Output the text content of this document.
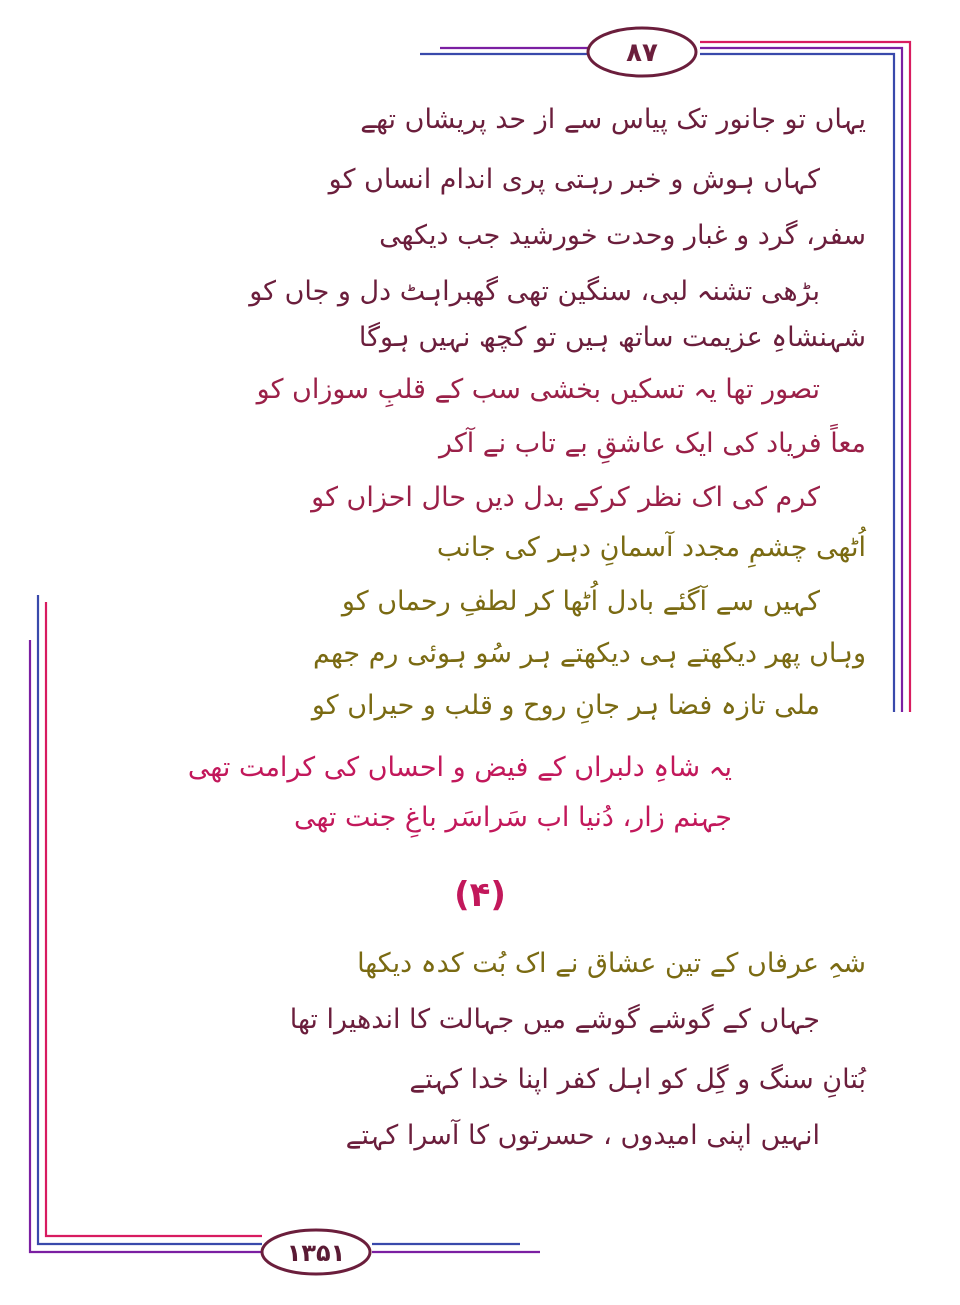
٨٧
۱۳۵۱
یہاں تو جانور تک پیاس سے از حد پریشاں تھے
کہاں ہوش و خبر رہتی پری اندام انساں کو
سفر، گرد و غبار وحدت خورشید جب دیکھی
بڑھی تشنہ لبی، سنگین تھی گھبراہٹ دل و جاں کو
شہنشاہِ عزیمت ساتھ ہیں تو کچھ نہیں ہوگا
تصور تھا یہ تسکیں بخشی سب کے قلبِ سوزاں کو
معاً فریاد کی ایک عاشقِ بے تاب نے آکر
کرم کی اک نظر کرکے بدل دیں حال احزاں کو
اُٹھی چشمِ مجدد آسمانِ دہر کی جانب
کہیں سے آگئے بادل اُٹھا کر لطفِ رحماں کو
وہاں پھر دیکھتے ہی دیکھتے ہر سُو ہوئی رم جھم
ملی تازہ فضا ہر جانِ روح و قلب و حیراں کو
یہ شاہِ دلبراں کے فیض و احساں کی کرامت تھی
جہنم زار، دُنیا اب سَراسَر باغِ جنت تھی
(۴)
شہِ عرفاں کے تین عشاق نے اک بُت کدہ دیکھا
جہاں کے گوشے گوشے میں جہالت کا اندھیرا تھا
بُتانِ سنگ و گِل کو اہل کفر اپنا خدا کہتے
انہیں اپنی امیدوں ، حسرتوں کا آسرا کہتے
